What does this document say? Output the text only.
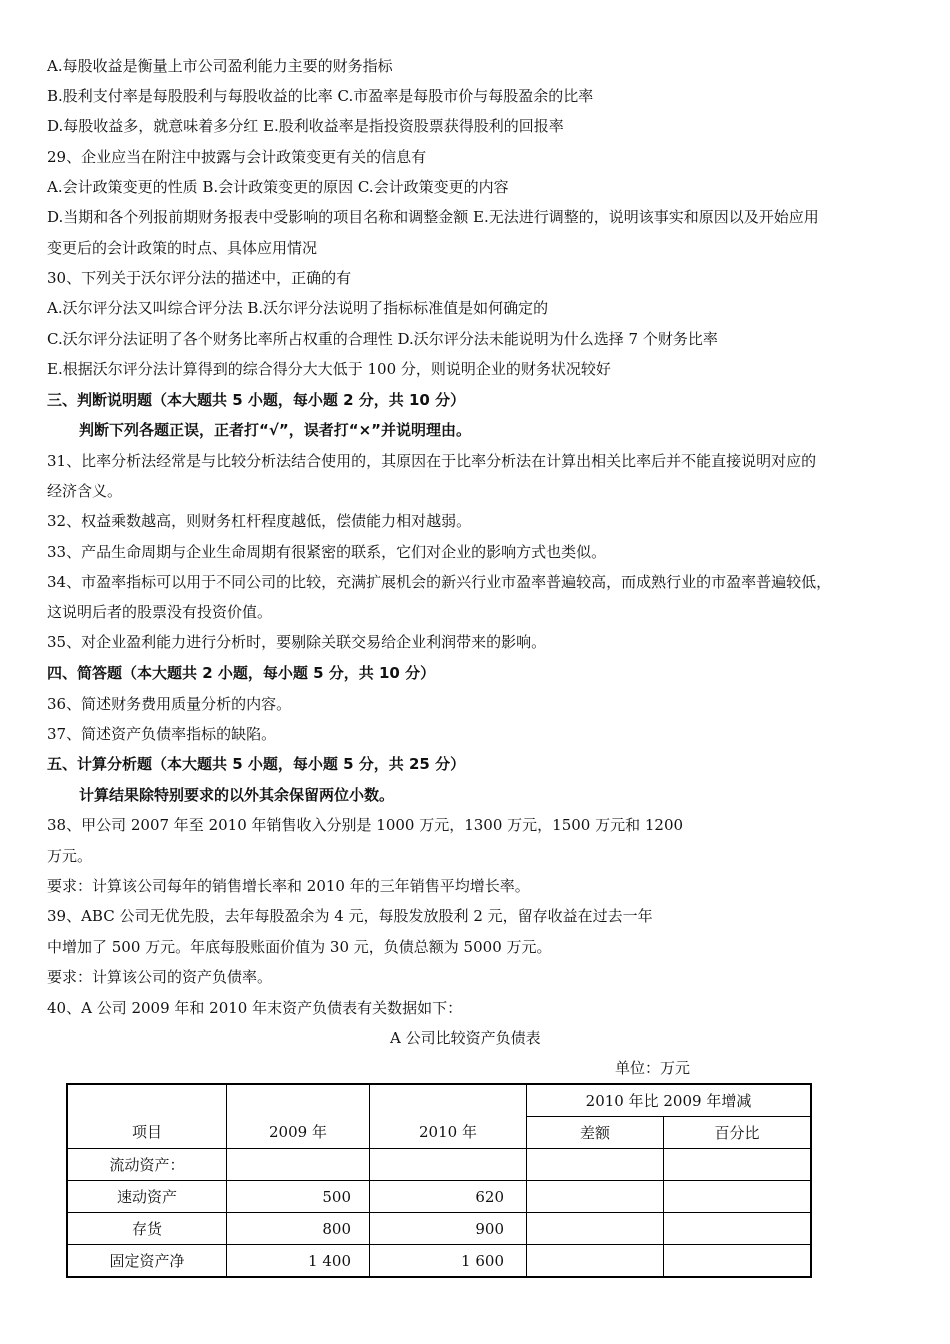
A.每股收益是衡量上市公司盈利能力主要的财务指标
B.股利支付率是每股股利与每股收益的比率 C.市盈率是每股市价与每股盈余的比率
D.每股收益多，就意味着多分红 E.股利收益率是指投资股票获得股利的回报率
29、企业应当在附注中披露与会计政策变更有关的信息有
A.会计政策变更的性质 B.会计政策变更的原因 C.会计政策变更的内容
D.当期和各个列报前期财务报表中受影响的项目名称和调整金额 E.无法进行调整的，说明该事实和原因以及开始应用
变更后的会计政策的时点、具体应用情况
30、下列关于沃尔评分法的描述中，正确的有
A.沃尔评分法又叫综合评分法 B.沃尔评分法说明了指标标准值是如何确定的
C.沃尔评分法证明了各个财务比率所占权重的合理性 D.沃尔评分法未能说明为什么选择 7 个财务比率
E.根据沃尔评分法计算得到的综合得分大大低于 100 分，则说明企业的财务状况较好
三、判断说明题（本大题共 5 小题，每小题 2 分，共 10 分）
判断下列各题正误，正者打“√”，误者打“×”并说明理由。
31、比率分析法经常是与比较分析法结合使用的，其原因在于比率分析法在计算出相关比率后并不能直接说明对应的
经济含义。
32、权益乘数越高，则财务杠杆程度越低，偿债能力相对越弱。
33、产品生命周期与企业生命周期有很紧密的联系，它们对企业的影响方式也类似。
34、市盈率指标可以用于不同公司的比较，充满扩展机会的新兴行业市盈率普遍较高，而成熟行业的市盈率普遍较低，
这说明后者的股票没有投资价值。
35、对企业盈利能力进行分析时，要剔除关联交易给企业利润带来的影响。
四、简答题（本大题共 2 小题，每小题 5 分，共 10 分）
36、简述财务费用质量分析的内容。
37、简述资产负债率指标的缺陷。
五、计算分析题（本大题共 5 小题，每小题 5 分，共 25 分）
计算结果除特别要求的以外其余保留两位小数。
38、甲公司 2007 年至 2010 年销售收入分别是 1000 万元，1300 万元，1500 万元和 1200
万元。
要求：计算该公司每年的销售增长率和 2010 年的三年销售平均增长率。
39、ABC 公司无优先股，去年每股盈余为 4 元，每股发放股利 2 元，留存收益在过去一年
中增加了 500 万元。年底每股账面价值为 30 元，负债总额为 5000 万元。
要求：计算该公司的资产负债率。
40、A 公司 2009 年和 2010 年末资产负债表有关数据如下：
A 公司比较资产负债表
单位：万元
项目	2009 年	2010 年	2010 年比 2009 年增减	
			差额	百分比
流动资产：				
速动资产	500	620		
存货	800	900		
固定资产净	1 400	1 600		
